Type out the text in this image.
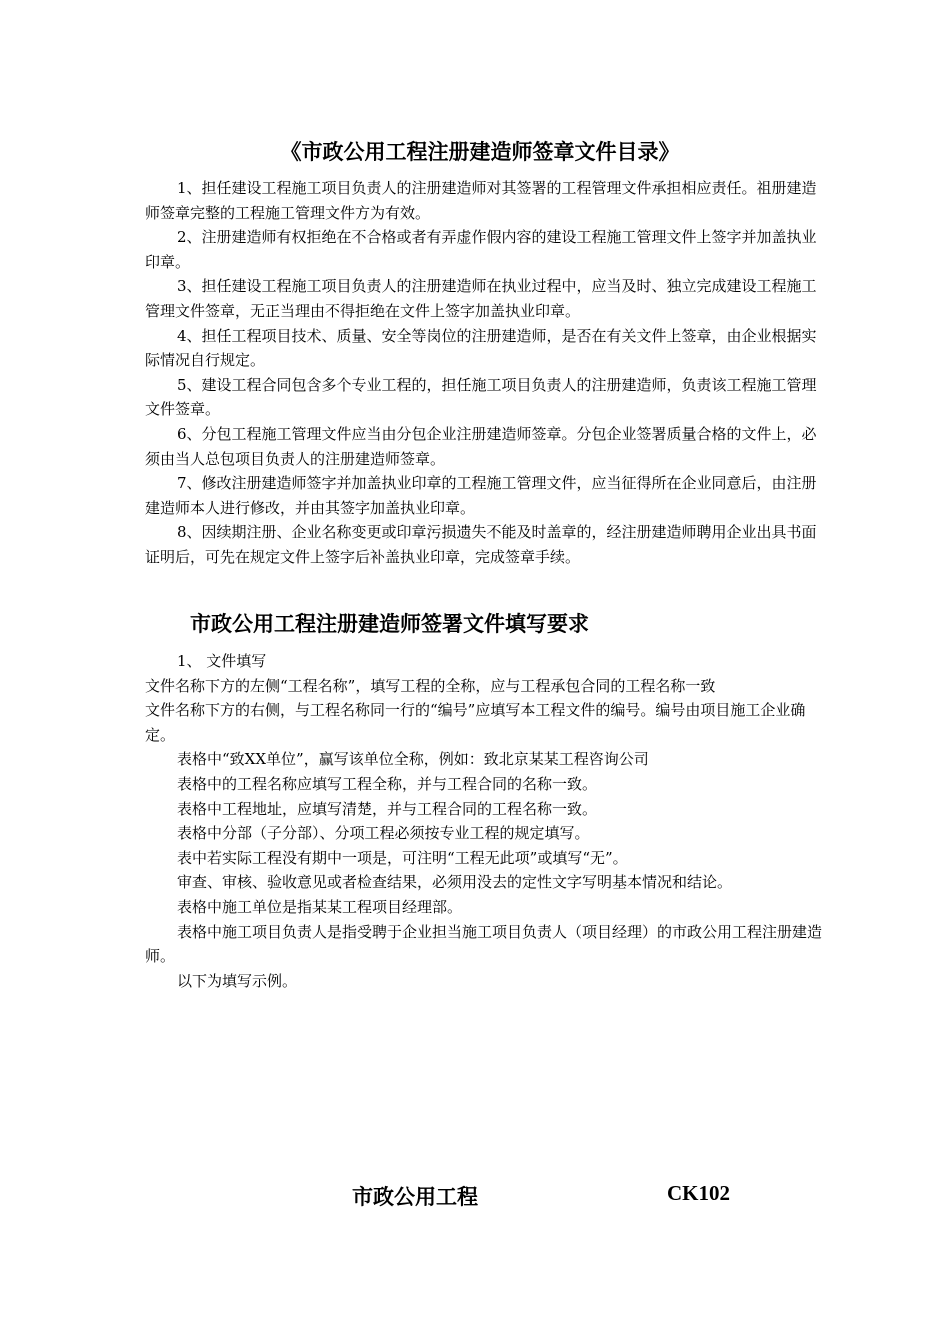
《市政公用工程注册建造师签章文件目录》

1、担任建设工程施工项目负责人的注册建造师对其签署的工程管理文件承担相应责任。祖册建造师签章完整的工程施工管理文件方为有效。

2、注册建造师有权拒绝在不合格或者有弄虚作假内容的建设工程施工管理文件上签字并加盖执业印章。

3、担任建设工程施工项目负责人的注册建造师在执业过程中，应当及时、独立完成建设工程施工管理文件签章，无正当理由不得拒绝在文件上签字加盖执业印章。

4、担任工程项目技术、质量、安全等岗位的注册建造师，是否在有关文件上签章，由企业根据实际情况自行规定。

5、建设工程合同包含多个专业工程的，担任施工项目负责人的注册建造师，负责该工程施工管理文件签章。

6、分包工程施工管理文件应当由分包企业注册建造师签章。分包企业签署质量合格的文件上，必须由当人总包项目负责人的注册建造师签章。

7、修改注册建造师签字并加盖执业印章的工程施工管理文件，应当征得所在企业同意后，由注册建造师本人进行修改，并由其签字加盖执业印章。

8、因续期注册、企业名称变更或印章污损遗失不能及时盖章的，经注册建造师聘用企业出具书面证明后，可先在规定文件上签字后补盖执业印章，完成签章手续。

市政公用工程注册建造师签署文件填写要求

1、 文件填写

文件名称下方的左侧“工程名称”，填写工程的全称，应与工程承包合同的工程名称一致

文件名称下方的右侧，与工程名称同一行的“编号”应填写本工程文件的编号。编号由项目施工企业确定。

表格中“致XX单位”，赢写该单位全称，例如：致北京某某工程咨询公司

表格中的工程名称应填写工程全称，并与工程合同的名称一致。

表格中工程地址，应填写清楚，并与工程合同的工程名称一致。

表格中分部（子分部）、分项工程必须按专业工程的规定填写。

表中若实际工程没有期中一项是，可注明“工程无此项”或填写“无”。

审查、审核、验收意见或者检查结果，必须用没去的定性文字写明基本情况和结论。

表格中施工单位是指某某工程项目经理部。

表格中施工项目负责人是指受聘于企业担当施工项目负责人（项目经理）的市政公用工程注册建造师。

以下为填写示例。

市政公用工程	CK102
